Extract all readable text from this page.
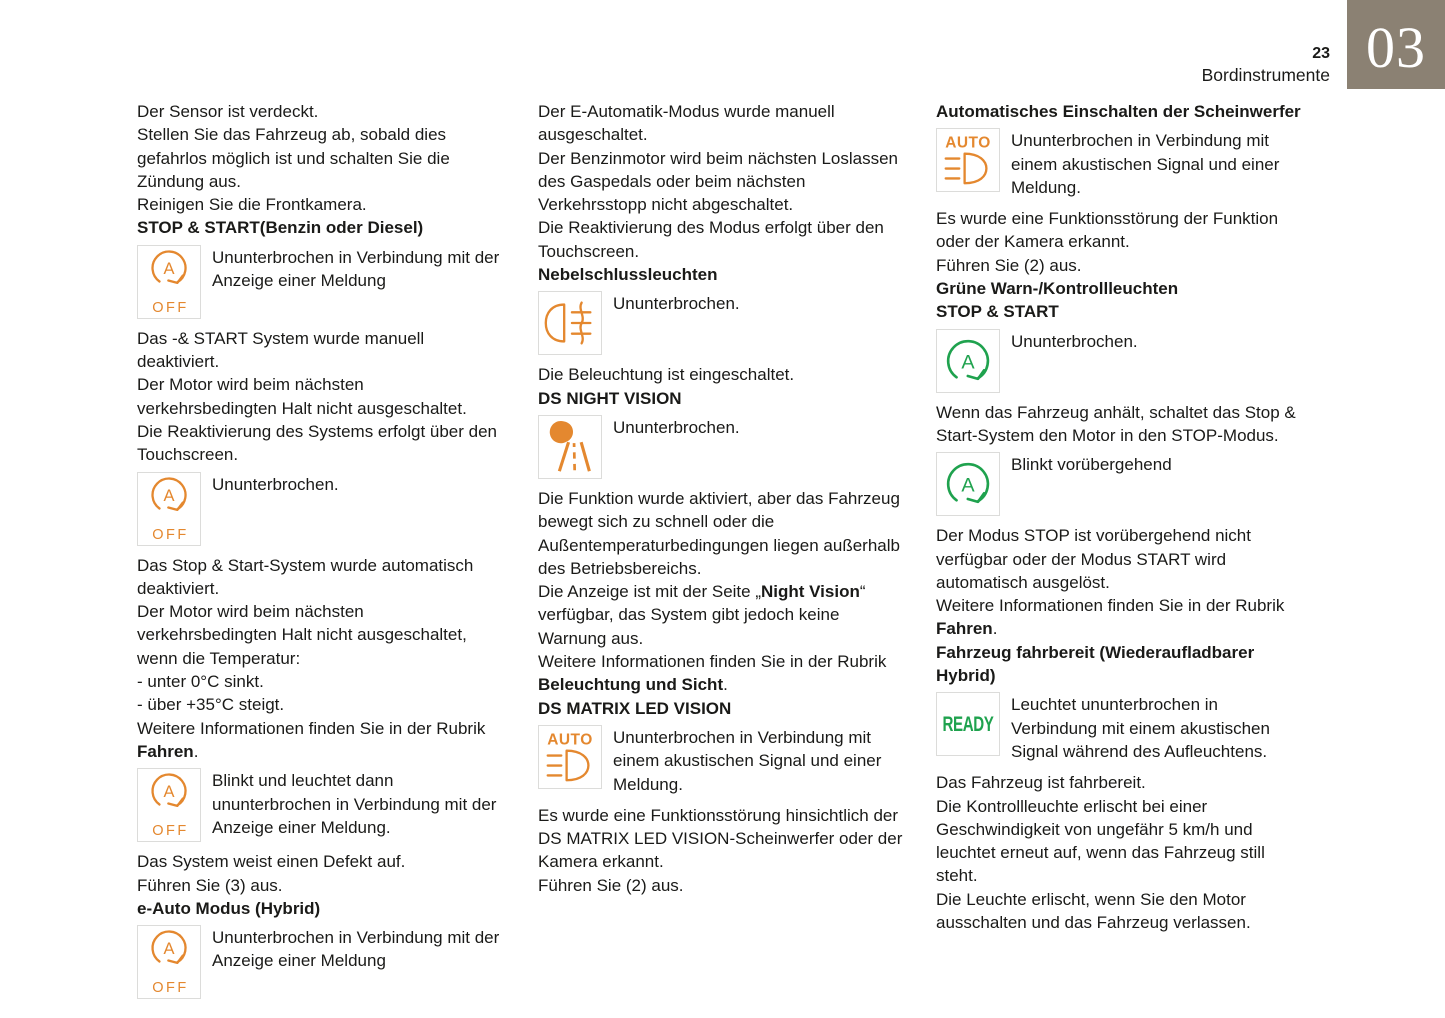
23
Bordinstrumente 03
Der Sensor ist verdeckt.
Stellen Sie das Fahrzeug ab, sobald dies gefahrlos möglich ist und schalten Sie die Zündung aus.
Reinigen Sie die Frontkamera.
STOP & START(Benzin oder Diesel)
A
OFF
Ununterbrochen in Verbindung mit der Anzeige einer Meldung
Das -& START System wurde manuell deaktiviert.
Der Motor wird beim nächsten verkehrsbedingten Halt nicht ausgeschaltet.
Die Reaktivierung des Systems erfolgt über den Touchscreen.
A
OFF
Ununterbrochen.
Das Stop & Start-System wurde automatisch deaktiviert.
Der Motor wird beim nächsten verkehrsbedingten Halt nicht ausgeschaltet, wenn die Temperatur:
- unter 0°C sinkt.
- über +35°C steigt.
Weitere Informationen finden Sie in der Rubrik Fahren.
A
OFF
Blinkt und leuchtet dann ununterbrochen in Verbindung mit der Anzeige einer Meldung.
Das System weist einen Defekt auf.
Führen Sie (3) aus.
e-Auto Modus (Hybrid)
A
OFF
Ununterbrochen in Verbindung mit der Anzeige einer Meldung
Der E-Automatik-Modus wurde manuell ausgeschaltet.
Der Benzinmotor wird beim nächsten Loslassen des Gaspedals oder beim nächsten Verkehrsstopp nicht abgeschaltet.
Die Reaktivierung des Modus erfolgt über den Touchscreen.
Nebelschlussleuchten
Ununterbrochen.
Die Beleuchtung ist eingeschaltet.
DS NIGHT VISION
Ununterbrochen.
Die Funktion wurde aktiviert, aber das Fahrzeug bewegt sich zu schnell oder die Außentemperaturbedingungen liegen außerhalb des Betriebsbereichs.
Die Anzeige ist mit der Seite „Night Vision“ verfügbar, das System gibt jedoch keine Warnung aus.
Weitere Informationen finden Sie in der Rubrik Beleuchtung und Sicht.
DS MATRIX LED VISION
AUTO Ununterbrochen in Verbindung mit einem akustischen Signal und einer Meldung.
Es wurde eine Funktionsstörung hinsichtlich der DS MATRIX LED VISION-Scheinwerfer oder der Kamera erkannt.
Führen Sie (2) aus.
Automatisches Einschalten der Scheinwerfer
AUTO Ununterbrochen in Verbindung mit einem akustischen Signal und einer Meldung.
Es wurde eine Funktionsstörung der Funktion oder der Kamera erkannt.
Führen Sie (2) aus.
Grüne Warn-/Kontrollleuchten
STOP & START
A
Ununterbrochen.
Wenn das Fahrzeug anhält, schaltet das Stop & Start-System den Motor in den STOP-Modus.
A
Blinkt vorübergehend
Der Modus STOP ist vorübergehend nicht verfügbar oder der Modus START wird automatisch ausgelöst.
Weitere Informationen finden Sie in der Rubrik Fahren.
Fahrzeug fahrbereit (Wiederaufladbarer Hybrid)
READY
Leuchtet ununterbrochen in Verbindung mit einem akustischen Signal während des Aufleuchtens.
Das Fahrzeug ist fahrbereit.
Die Kontrollleuchte erlischt bei einer Geschwindigkeit von ungefähr 5 km/h und leuchtet erneut auf, wenn das Fahrzeug still steht.
Die Leuchte erlischt, wenn Sie den Motor ausschalten und das Fahrzeug verlassen.
